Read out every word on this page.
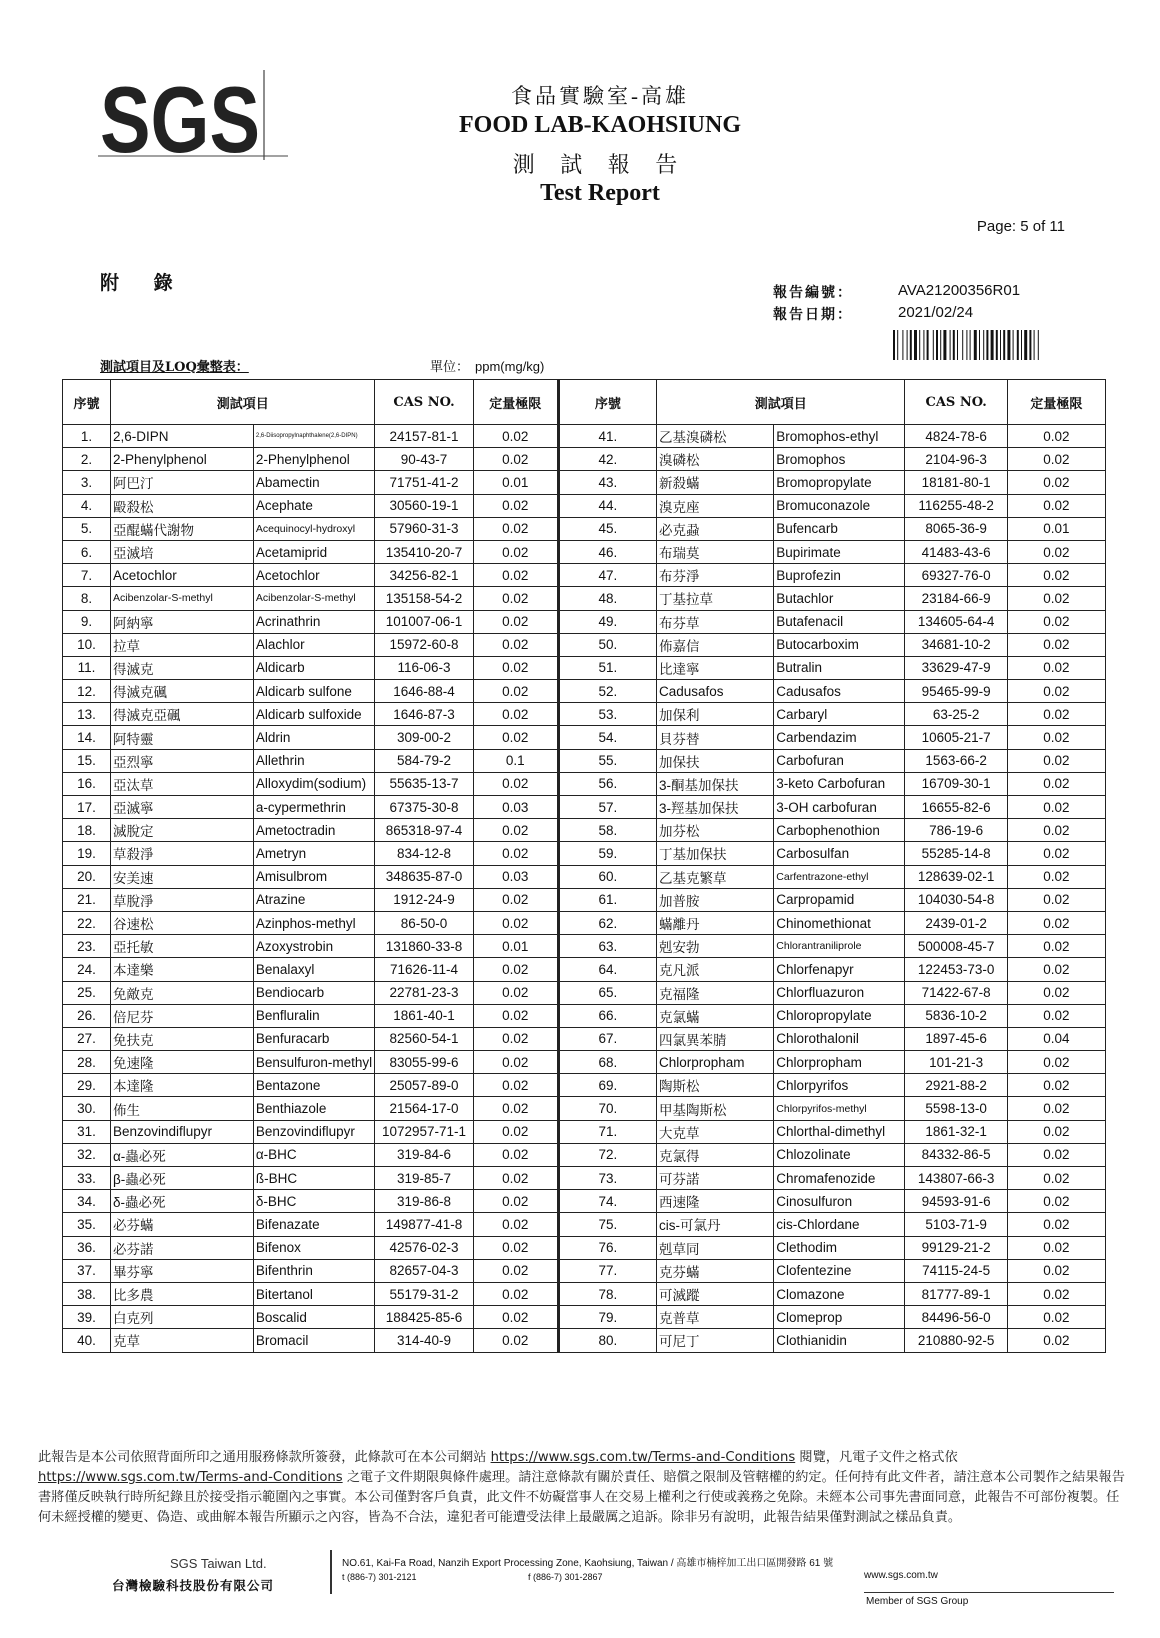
SGS	食品實驗室-高雄
FOOD LAB-KAOHSIUNG
測 試 報 告
Test Report
Page: 5 of 11
附 錄	報告編號：	AVA21200356R01
報告日期：	2021/02/24
測試項目及LOQ彙整表：	單位： ppm(mg/kg)
序號	測試項目		CAS NO.	定量極限	序號	測試項目		CAS NO.	定量極限
1.	2,6-DIPN	2,6-Diisopropylnaphthalene(2,6-DIPN)	24157-81-1	0.02	41.	乙基溴磷松	Bromophos-ethyl	4824-78-6	0.02
2.	2-Phenylphenol	2-Phenylphenol	90-43-7	0.02	42.	溴磷松	Bromophos	2104-96-3	0.02
3.	阿巴汀	Abamectin	71751-41-2	0.01	43.	新殺蟎	Bromopropylate	18181-80-1	0.02
4.	毆殺松	Acephate	30560-19-1	0.02	44.	溴克座	Bromuconazole	116255-48-2	0.02
5.	亞醌蟎代謝物	Acequinocyl-hydroxyl	57960-31-3	0.02	45.	必克蝨	Bufencarb	8065-36-9	0.01
6.	亞滅培	Acetamiprid	135410-20-7	0.02	46.	布瑞莫	Bupirimate	41483-43-6	0.02
7.	Acetochlor	Acetochlor	34256-82-1	0.02	47.	布芬淨	Buprofezin	69327-76-0	0.02
8.	Acibenzolar-S-methyl	Acibenzolar-S-methyl	135158-54-2	0.02	48.	丁基拉草	Butachlor	23184-66-9	0.02
9.	阿納寧	Acrinathrin	101007-06-1	0.02	49.	布芬草	Butafenacil	134605-64-4	0.02
10.	拉草	Alachlor	15972-60-8	0.02	50.	佈嘉信	Butocarboxim	34681-10-2	0.02
11.	得滅克	Aldicarb	116-06-3	0.02	51.	比達寧	Butralin	33629-47-9	0.02
12.	得滅克碸	Aldicarb sulfone	1646-88-4	0.02	52.	Cadusafos	Cadusafos	95465-99-9	0.02
13.	得滅克亞碸	Aldicarb sulfoxide	1646-87-3	0.02	53.	加保利	Carbaryl	63-25-2	0.02
14.	阿特靈	Aldrin	309-00-2	0.02	54.	貝芬替	Carbendazim	10605-21-7	0.02
15.	亞烈寧	Allethrin	584-79-2	0.1	55.	加保扶	Carbofuran	1563-66-2	0.02
16.	亞汰草	Alloxydim(sodium)	55635-13-7	0.02	56.	3-酮基加保扶	3-keto Carbofuran	16709-30-1	0.02
17.	亞滅寧	a-cypermethrin	67375-30-8	0.03	57.	3-羥基加保扶	3-OH carbofuran	16655-82-6	0.02
18.	滅脫定	Ametoctradin	865318-97-4	0.02	58.	加芬松	Carbophenothion	786-19-6	0.02
19.	草殺淨	Ametryn	834-12-8	0.02	59.	丁基加保扶	Carbosulfan	55285-14-8	0.02
20.	安美速	Amisulbrom	348635-87-0	0.03	60.	乙基克繁草	Carfentrazone-ethyl	128639-02-1	0.02
21.	草脫淨	Atrazine	1912-24-9	0.02	61.	加普胺	Carpropamid	104030-54-8	0.02
22.	谷速松	Azinphos-methyl	86-50-0	0.02	62.	蟎離丹	Chinomethionat	2439-01-2	0.02
23.	亞托敏	Azoxystrobin	131860-33-8	0.01	63.	剋安勃	Chlorantraniliprole	500008-45-7	0.02
24.	本達樂	Benalaxyl	71626-11-4	0.02	64.	克凡派	Chlorfenapyr	122453-73-0	0.02
25.	免敵克	Bendiocarb	22781-23-3	0.02	65.	克福隆	Chlorfluazuron	71422-67-8	0.02
26.	倍尼芬	Benfluralin	1861-40-1	0.02	66.	克氯蟎	Chloropropylate	5836-10-2	0.02
27.	免扶克	Benfuracarb	82560-54-1	0.02	67.	四氯異苯腈	Chlorothalonil	1897-45-6	0.04
28.	免速隆	Bensulfuron-methyl	83055-99-6	0.02	68.	Chlorpropham	Chlorpropham	101-21-3	0.02
29.	本達隆	Bentazone	25057-89-0	0.02	69.	陶斯松	Chlorpyrifos	2921-88-2	0.02
30.	佈生	Benthiazole	21564-17-0	0.02	70.	甲基陶斯松	Chlorpyrifos-methyl	5598-13-0	0.02
31.	Benzovindiflupyr	Benzovindiflupyr	1072957-71-1	0.02	71.	大克草	Chlorthal-dimethyl	1861-32-1	0.02
32.	α-蟲必死	α-BHC	319-84-6	0.02	72.	克氯得	Chlozolinate	84332-86-5	0.02
33.	β-蟲必死	ß-BHC	319-85-7	0.02	73.	可芬諾	Chromafenozide	143807-66-3	0.02
34.	δ-蟲必死	δ-BHC	319-86-8	0.02	74.	西速隆	Cinosulfuron	94593-91-6	0.02
35.	必芬蟎	Bifenazate	149877-41-8	0.02	75.	cis-可氯丹	cis-Chlordane	5103-71-9	0.02
36.	必芬諾	Bifenox	42576-02-3	0.02	76.	剋草同	Clethodim	99129-21-2	0.02
37.	畢芬寧	Bifenthrin	82657-04-3	0.02	77.	克芬蟎	Clofentezine	74115-24-5	0.02
38.	比多農	Bitertanol	55179-31-2	0.02	78.	可滅蹤	Clomazone	81777-89-1	0.02
39.	白克列	Boscalid	188425-85-6	0.02	79.	克普草	Clomeprop	84496-56-0	0.02
40.	克草	Bromacil	314-40-9	0.02	80.	可尼丁	Clothianidin	210880-92-5	0.02
此報告是本公司依照背面所印之通用服務條款所簽發，此條款可在本公司網站 https://www.sgs.com.tw/Terms-and-Conditions 閱覽，凡電子文件之格式依
https://www.sgs.com.tw/Terms-and-Conditions 之電子文件期限與條件處理。請注意條款有關於責任、賠償之限制及管轄權的約定。任何持有此文件者，請注意本公司製作之結果報告書將僅反映執行時所紀錄且於接受指示範圍內之事實。本公司僅對客戶負責，此文件不妨礙當事人在交易上權利之行使或義務之免除。未經本公司事先書面同意，此報告不可部份複製。任何未經授權的變更、偽造、或曲解本報告所顯示之內容，皆為不合法，違犯者可能遭受法律上最嚴厲之追訴。除非另有說明，此報告結果僅對測試之樣品負責。
SGS Taiwan Ltd.
台灣檢驗科技股份有限公司
NO.61, Kai-Fa Road, Nanzih Export Processing Zone, Kaohsiung, Taiwan / 高雄市楠梓加工出口區開發路 61 號
t (886-7) 301-2121	f (886-7) 301-2867	www.sgs.com.tw
Member of SGS Group
